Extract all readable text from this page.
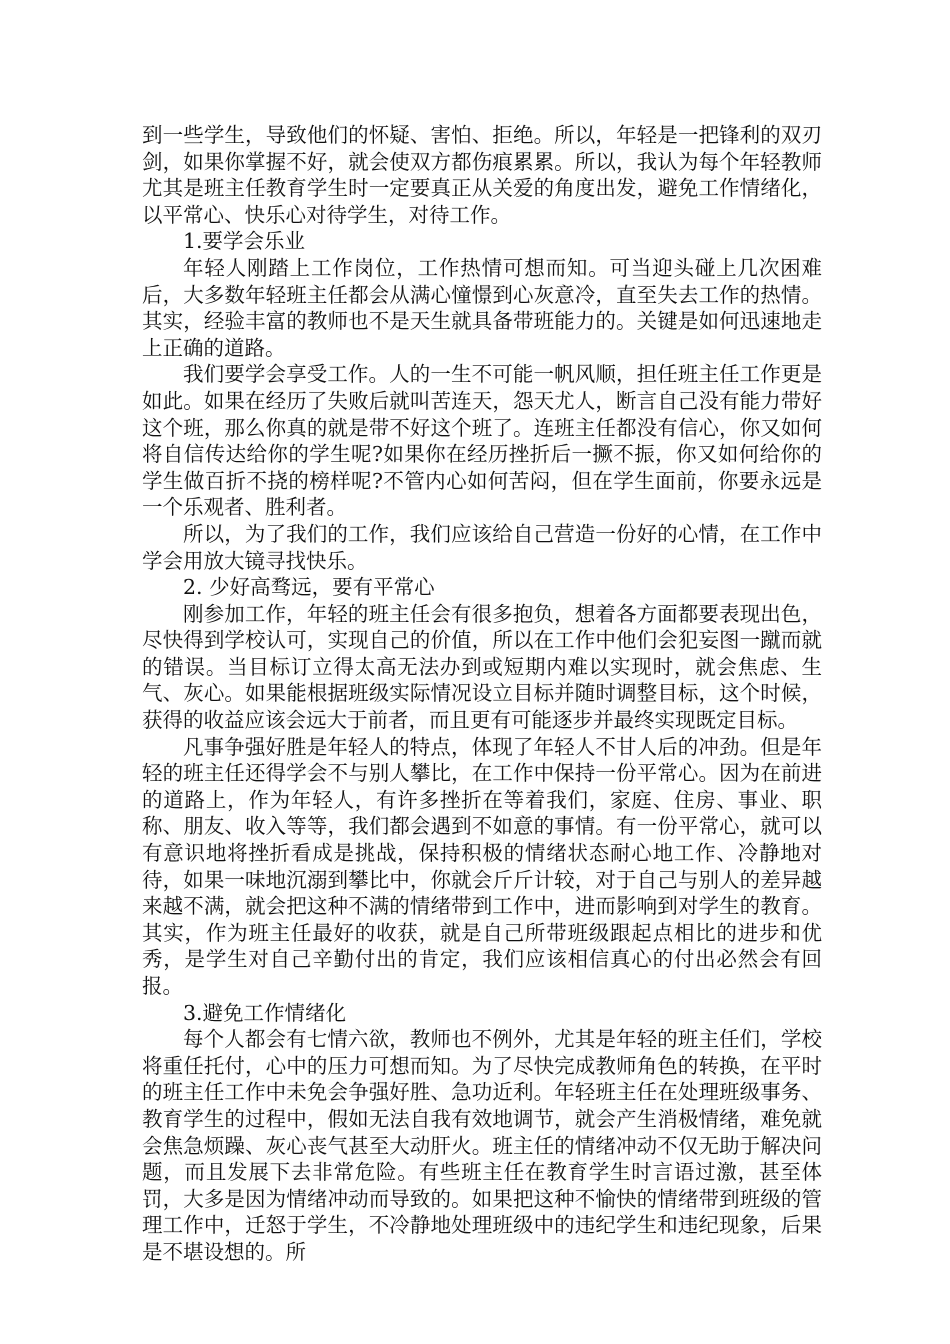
到一些学生，导致他们的怀疑、害怕、拒绝。所以，年轻是一把锋利的双刃剑，如果你掌握不好，就会使双方都伤痕累累。所以，我认为每个年轻教师尤其是班主任教育学生时一定要真正从关爱的角度出发，避免工作情绪化，以平常心、快乐心对待学生，对待工作。

1.要学会乐业

年轻人刚踏上工作岗位，工作热情可想而知。可当迎头碰上几次困难后，大多数年轻班主任都会从满心憧憬到心灰意冷，直至失去工作的热情。其实，经验丰富的教师也不是天生就具备带班能力的。关键是如何迅速地走上正确的道路。

我们要学会享受工作。人的一生不可能一帆风顺，担任班主任工作更是如此。如果在经历了失败后就叫苦连天，怨天尤人，断言自己没有能力带好这个班，那么你真的就是带不好这个班了。连班主任都没有信心，你又如何将自信传达给你的学生呢?如果你在经历挫折后一撅不振，你又如何给你的学生做百折不挠的榜样呢?不管内心如何苦闷，但在学生面前，你要永远是一个乐观者、胜利者。

所以，为了我们的工作，我们应该给自己营造一份好的心情，在工作中学会用放大镜寻找快乐。

2. 少好高骛远，要有平常心

刚参加工作，年轻的班主任会有很多抱负，想着各方面都要表现出色，尽快得到学校认可，实现自己的价值，所以在工作中他们会犯妄图一蹴而就的错误。当目标订立得太高无法办到或短期内难以实现时，就会焦虑、生气、灰心。如果能根据班级实际情况设立目标并随时调整目标，这个时候，获得的收益应该会远大于前者，而且更有可能逐步并最终实现既定目标。

凡事争强好胜是年轻人的特点，体现了年轻人不甘人后的冲劲。但是年轻的班主任还得学会不与别人攀比，在工作中保持一份平常心。因为在前进的道路上，作为年轻人，有许多挫折在等着我们，家庭、住房、事业、职称、朋友、收入等等，我们都会遇到不如意的事情。有一份平常心，就可以有意识地将挫折看成是挑战，保持积极的情绪状态耐心地工作、冷静地对待，如果一味地沉溺到攀比中，你就会斤斤计较，对于自己与别人的差异越来越不满，就会把这种不满的情绪带到工作中，进而影响到对学生的教育。其实，作为班主任最好的收获，就是自己所带班级跟起点相比的进步和优秀，是学生对自己辛勤付出的肯定，我们应该相信真心的付出必然会有回报。

3.避免工作情绪化

每个人都会有七情六欲，教师也不例外，尤其是年轻的班主任们，学校将重任托付，心中的压力可想而知。为了尽快完成教师角色的转换，在平时的班主任工作中未免会争强好胜、急功近利。年轻班主任在处理班级事务、教育学生的过程中，假如无法自我有效地调节，就会产生消极情绪，难免就会焦急烦躁、灰心丧气甚至大动肝火。班主任的情绪冲动不仅无助于解决问题，而且发展下去非常危险。有些班主任在教育学生时言语过激，甚至体罚，大多是因为情绪冲动而导致的。如果把这种不愉快的情绪带到班级的管理工作中，迁怒于学生，不冷静地处理班级中的违纪学生和违纪现象，后果是不堪设想的。所
